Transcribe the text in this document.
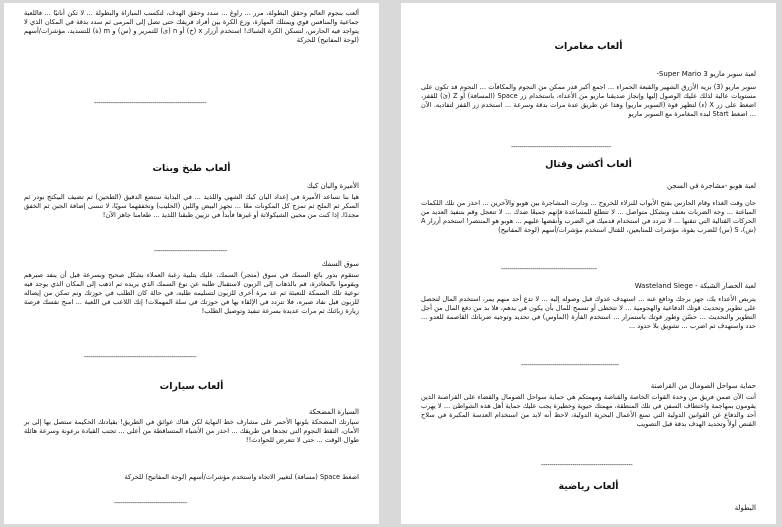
ألعب بنجوم العالم وحقق البطولة، مرر ... راوغ ... سدد وحقق الهدف، لتكسب المباراة والبطولة ... لا تكن أنانيًا ... فاللعبة جماعية والمنافس قوي ويمتلك المهارة، وزع الكرة بين أفراد فريقك حتى تصل إلى المرمى ثم سدد بدقة في المكان الذي لا يتواجد فيه الحارس، لتسكن الكرة الشباك! استخدم أزرار x (خ) أو n (ى) للتمرير و (س) و m (ة) للتسديد، مؤشرات/أسهم (لوحة المفاتيح) للحركة
------------------------------------------------------
ألعاب طبخ وبنات
الأميرة والبان كيك
هيا بنا نساعد الأميرة في إعداد البان كيك الشهي واللذيذ ... في البداية ستضع الدقيق (الطحين) ثم تضيف البيكنج بودر ثم السكر ثم الملح ثم تمزج كل المكونات معًا ... نجهز البيض واللبن (الحليب) ونخفقهما سويًا، لا تنسى إضافة الجبن ثم الخفق مجددًا. إذا كنت من محبي الشيكولاتة أو غيرها فأبدأ في تزيين طبقنا اللذيذ ... طعامنا جاهز الآن!
-----------------------------------
سوق السمك
ستقوم بدور بائع السمك في سوق (متجر) السمك، عليك بتلبية رغبة العملاء بشكل صحيح وبسرعة قبل أن ينفد صبرهم ويقوموا بالمغادرة، قم بالذهاب إلى الزبون لاستقبال طلبه عن نوع السمك الذي يريده ثم اذهب إلى المكان الذي يوجد فيه نوعية تلك السمكة للتعبئة ثم عد مرة أخرى للزبون لتسليمه طلبه، في حالة كان الطلب في حوزتك وتم تمكن من إيصاله للزبون قبل نفاد صبره، فلا تتردد في الإلقاء بها في حوزتك في سلة المهملات! إنك اللاعب في اللعبة ... امنح نفسك فرصة زيارة زبائنك ثم مرات عديدة بسرعة تنفيذ وتوصيل الطلب!
------------------------------------------------------
ألعاب سيارات
السيارة المضحكة
سيارتك المضحكة بلونها الأحمر على مشارف خط النهاية لكن هناك عوائق في الطريق! بقيادتك الحكيمة ستصل بها إلى بر الأمان، التقط النجوم التي تجدها في طريقك ... احذر من الأشياء المتساقطة من أعلى ... تجنب القيادة برعونة وسرعة هائلة طوال الوقت ... حتى لا تتعرض للحوادث!!
اضغط Space (مسافة) لتغيير الاتجاه واستخدم مؤشرات/أسهم (لوحة المفاتيح) للحركة
-----------------------------------
ألعاب مغامرات
لعبة سوبر ماريو Super Mario 3-
سوبر ماريو (3) بزيه الأزرق الشهير والقبعة الحمراء ... اجمع أكبر قدر ممكن من النجوم والمكافآت ... النجوم قد تكون على مستويات عالية لذلك عليك الوصول إليها وإنجاز صديقنا ماريو من الأعداء، باستخدام زر Space (المسافة) أو Z (ئ) للقفز، اضغط على زر X (ء) لتظهر قوة (السوبر ماريو) وهذا عن طريق عدة مرات بدقة وسرعة ... استخدم زر القفز لتفاديه. الآن ... اضغط Start لبدء المغامرة مع السوبر ماريو
------------------------------------------------
ألعاب أكشن وقتال
لعبة هوبو -مشاجرة في السجن
حان وقت الغذاء وقام الحارس بفتح الأبواب للنزلاء للخروج ... ودارت المشاجرة بين هوبو والآخرين ... احذر من تلك اللكمات المباغتة ... وجه الضربات بعنف وبشكل متواصل ... لا تتطلع للمساعدة فإنهم جميعًا ضدك ... لا تتعجل وقم بتنفيذ العديد من الحركات القتالية التي تتقنها ... لا تتردد في استخدام قدميك في الضرب وأنقضها عليهم ... هوبو هو المنتصر! استخدم أزرار A (ش)، S (س) للضرب بقوة، مؤشرات للمتابعين، للقتال استخدم مؤشرات/أسهم (لوحة المفاتيح)
----------------------------------------------
لعبة الحصار الشبكة - Wasteland Siege
يتربص الأعداء بك، جهز برجك ودافع عنه ... استهدف عدوك قبل وصوله إليه ... لا تدع أحد منهم يمر، استخدم المال لتحصل على تطوير وتحديث قوتك الدفاعية والهجومية ... لا تتخطى أو تسمح للمال بأن يكون في يدهم، فلا بد من دفع المال من أجل التطوير والتحديث ... حسّن وطور قوتك باستمرار ... استخدم الفأرة (الماوس) في تحديد وتوجيه ضرباتك القاصمة للعدو ... حدد واستهدف ثم اضرب ... تشويق بلا حدود ...
-----------------------------------------------
حماية سواحل الصومال من القراصنة
أنت الآن ضمن فريق من وحدة القوات الخاصة والقناصة ومهمتكم هي حماية سواحل الصومال والقضاء على القراصنة الذين يقومون بمهاجمة واختطاف السفن في تلك المنطقة، مهمتك حيوية وخطيرة يجب عليك حماية أهل هذه الشواطئ ... لا يهرب أحد والدفاع عن القوانين الدولية التي تمنع الأعمال البحرية الدولية، لاحظ أنه لابد من استخدام العدسة المكبرة في سلاح القنص أولاً وتحديد الهدف بدقة قبل التصويب
--------------------------------------------
ألعاب رياضية
البطولة
